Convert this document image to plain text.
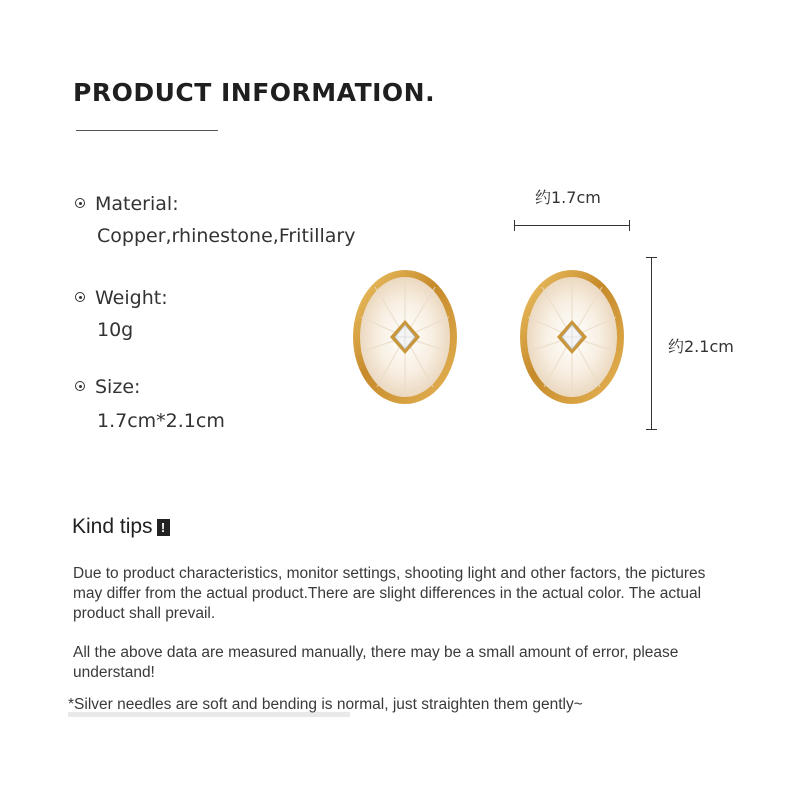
PRODUCT INFORMATION.
Material:
Copper,rhinestone,Fritillary
Weight:
10g
Size:
1.7cm*2.1cm
约1.7cm
约2.1cm
Kind tips !
Due to product characteristics, monitor settings, shooting light and other factors, the pictures may differ from the actual product.There are slight differences in the actual color. The actual product shall prevail.
All the above data are measured manually, there may be a small amount of error, please understand!
*Silver needles are soft and bending is normal, just straighten them gently~
